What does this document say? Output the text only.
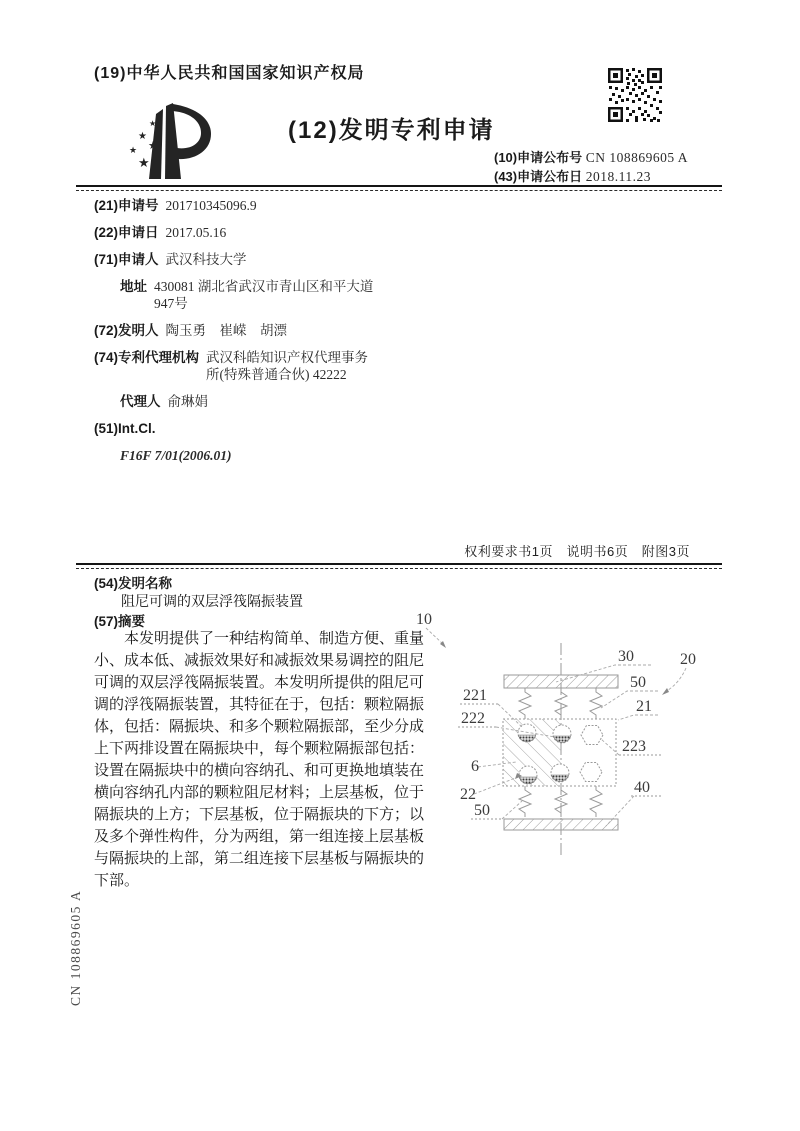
(19)中华人民共和国国家知识产权局
★
★
★
★
★
(12)发明专利申请
(10)申请公布号 CN 108869605 A
(43)申请公布日 2018.11.23
(21)申请号 201710345096.9
(22)申请日 2017.05.16
(71)申请人 武汉科技大学
地址 430081 湖北省武汉市青山区和平大道947号
(72)发明人 陶玉勇　崔嵘　胡漂
(74)专利代理机构 武汉科皓知识产权代理事务所(特殊普通合伙) 42222
代理人 俞琳娟
(51)Int.Cl.
F16F 7/01(2006.01)
权利要求书1页　说明书6页　附图3页
(54)发明名称
阻尼可调的双层浮筏隔振装置
(57)摘要
本发明提供了一种结构简单、制造方便、重量小、成本低、减振效果好和减振效果易调控的阻尼可调的双层浮筏隔振装置。本发明所提供的阻尼可调的浮筏隔振装置，其特征在于，包括：颗粒隔振体，包括：隔振块、和多个颗粒隔振部，至少分成上下两排设置在隔振块中，每个颗粒隔振部包括：设置在隔振块中的横向容纳孔、和可更换地填装在横向容纳孔内部的颗粒阻尼材料；上层基板，位于隔振块的上方；下层基板，位于隔振块的下方；以及多个弹性构件，分为两组，第一组连接上层基板与隔振块的上部，第二组连接下层基板与隔振块的下部。
10
20
30
50
21
221
222
223
6
22
50
40
CN 108869605 A
